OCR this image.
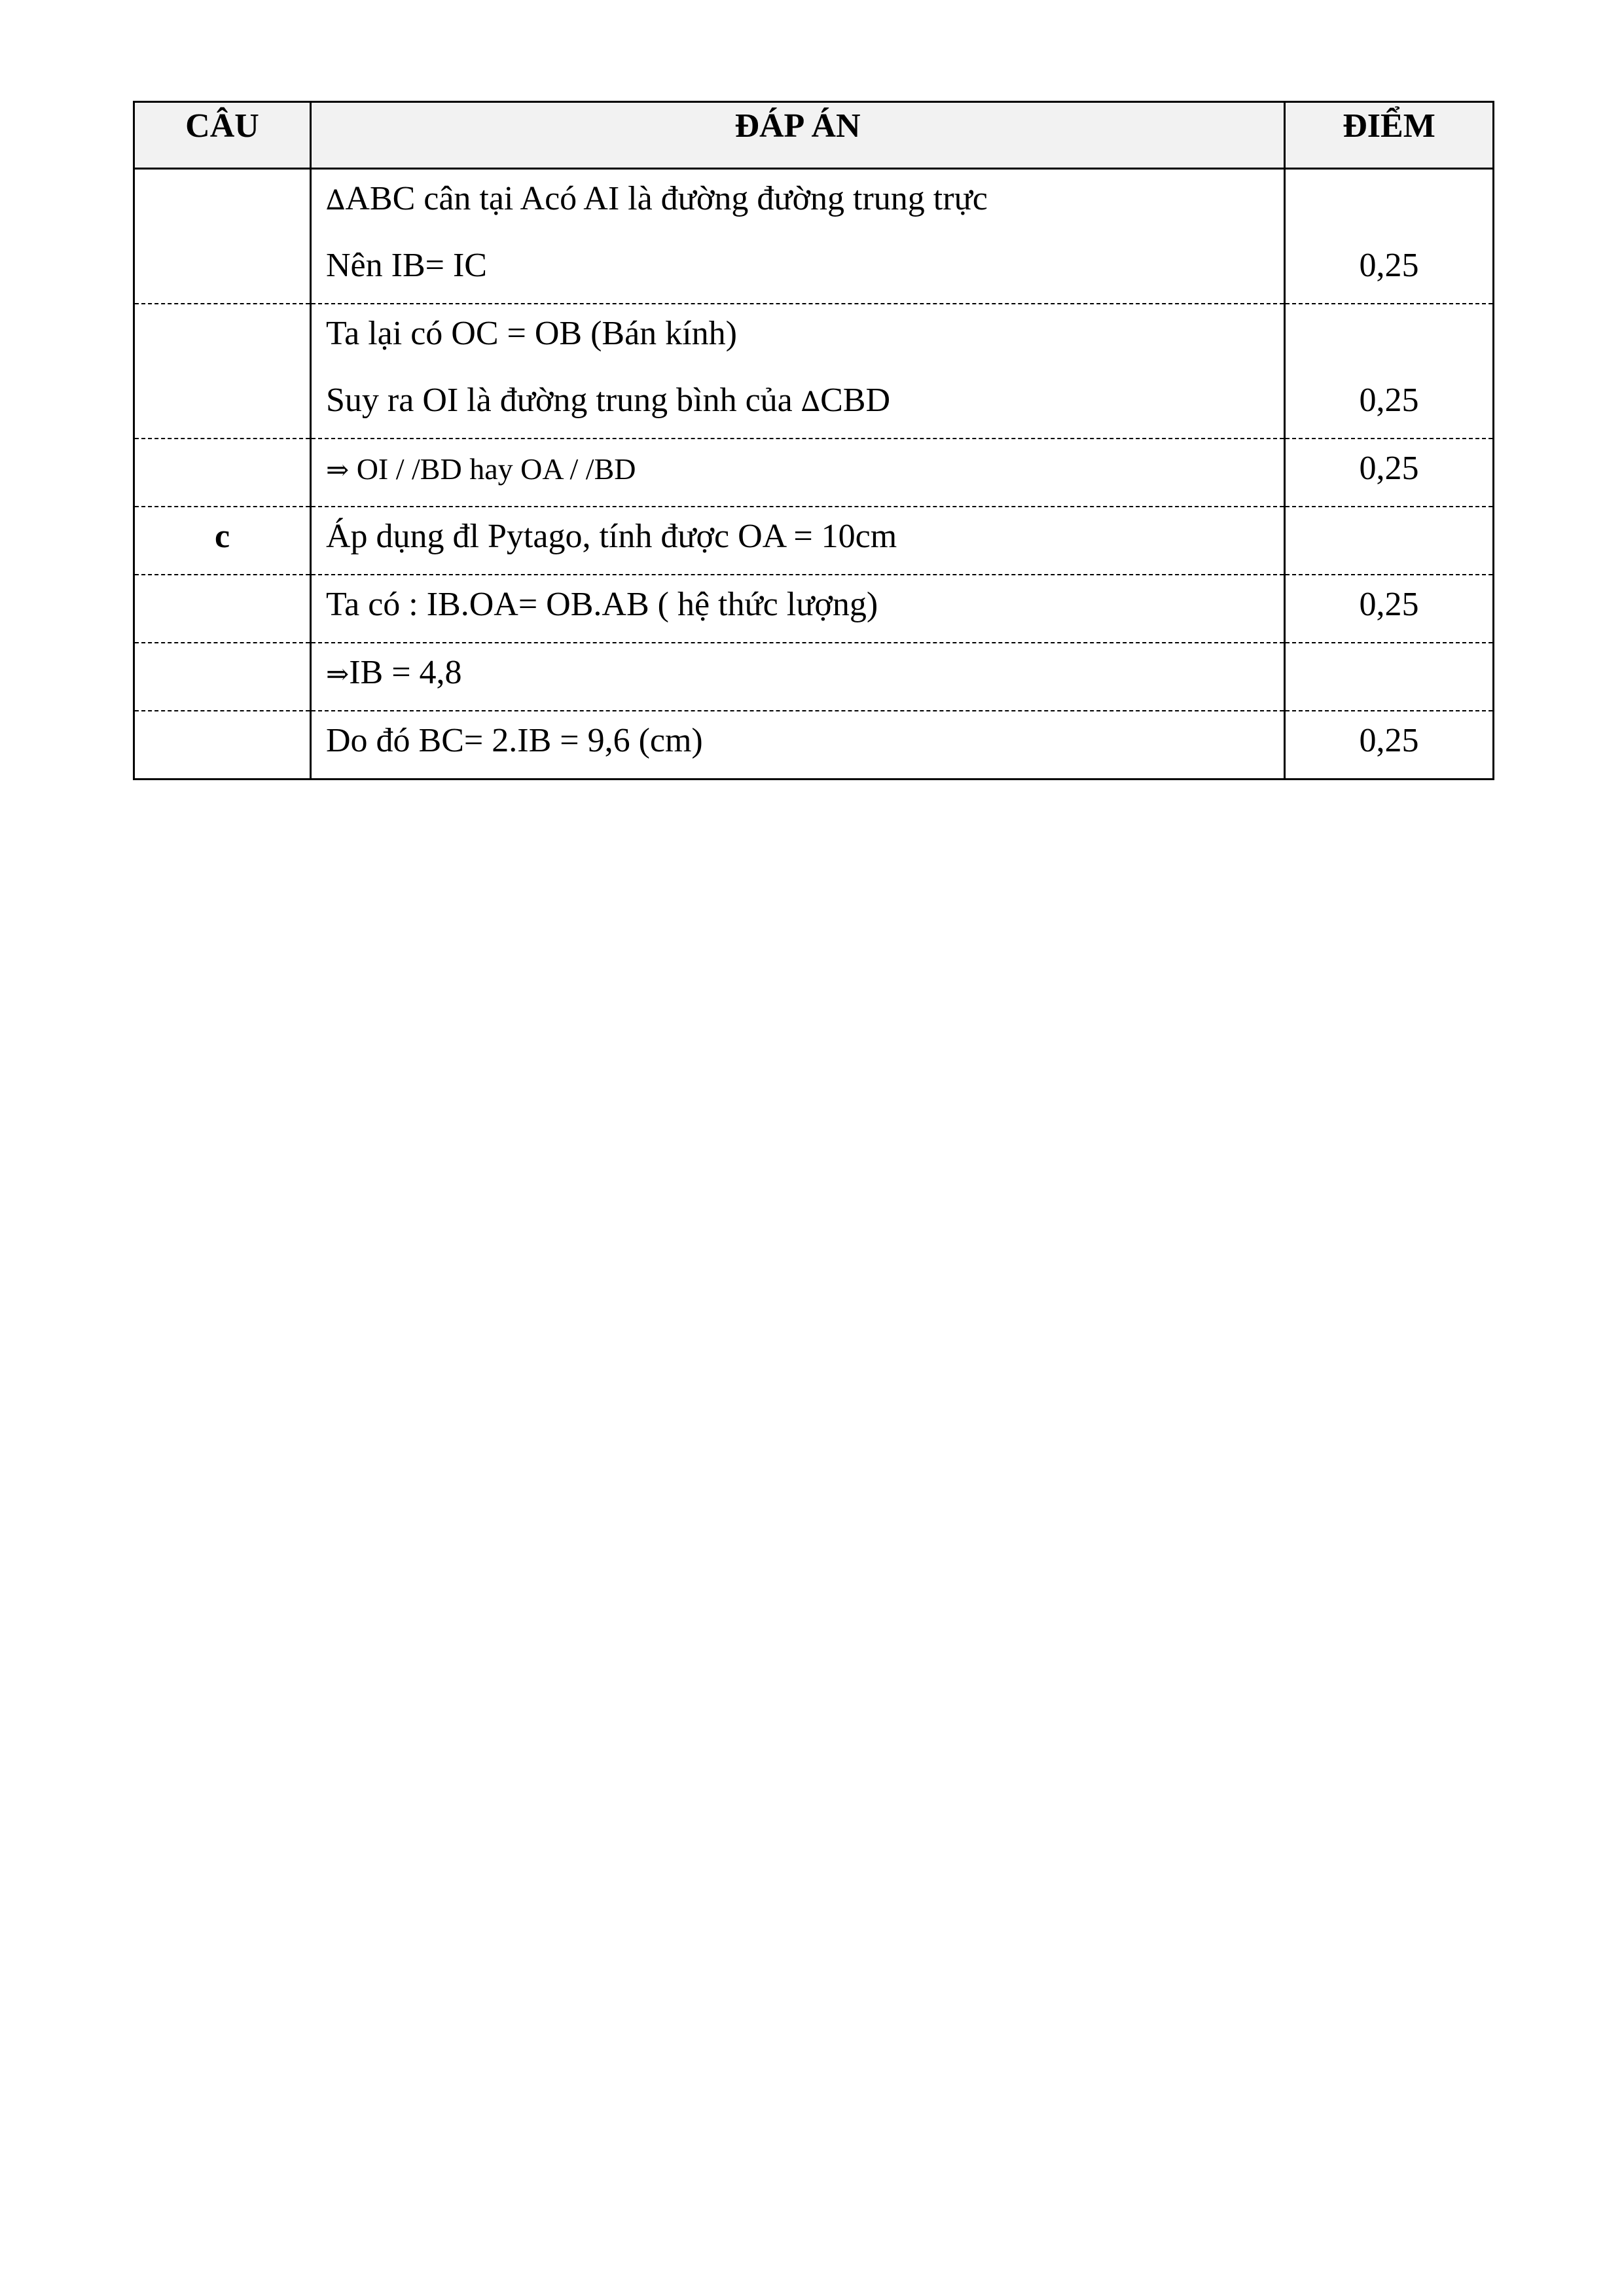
CÂU	ĐÁP ÁN	ĐIỂM

	∆ABC cân tại Acó AI là đường đường trung trực
Nên IB= IC	0,25

	Ta lại có OC = OB (Bán kính)
Suy ra OI là đường trung bình của ∆CBD	0,25

	⇒ OI / /BD hay OA / /BD	0,25

c	Áp dụng đl Pytago, tính được OA = 10cm	

	Ta có : IB.OA= OB.AB ( hệ thức lượng)	0,25

	⇒IB = 4,8	

	Do đó BC= 2.IB = 9,6 (cm)	0,25
